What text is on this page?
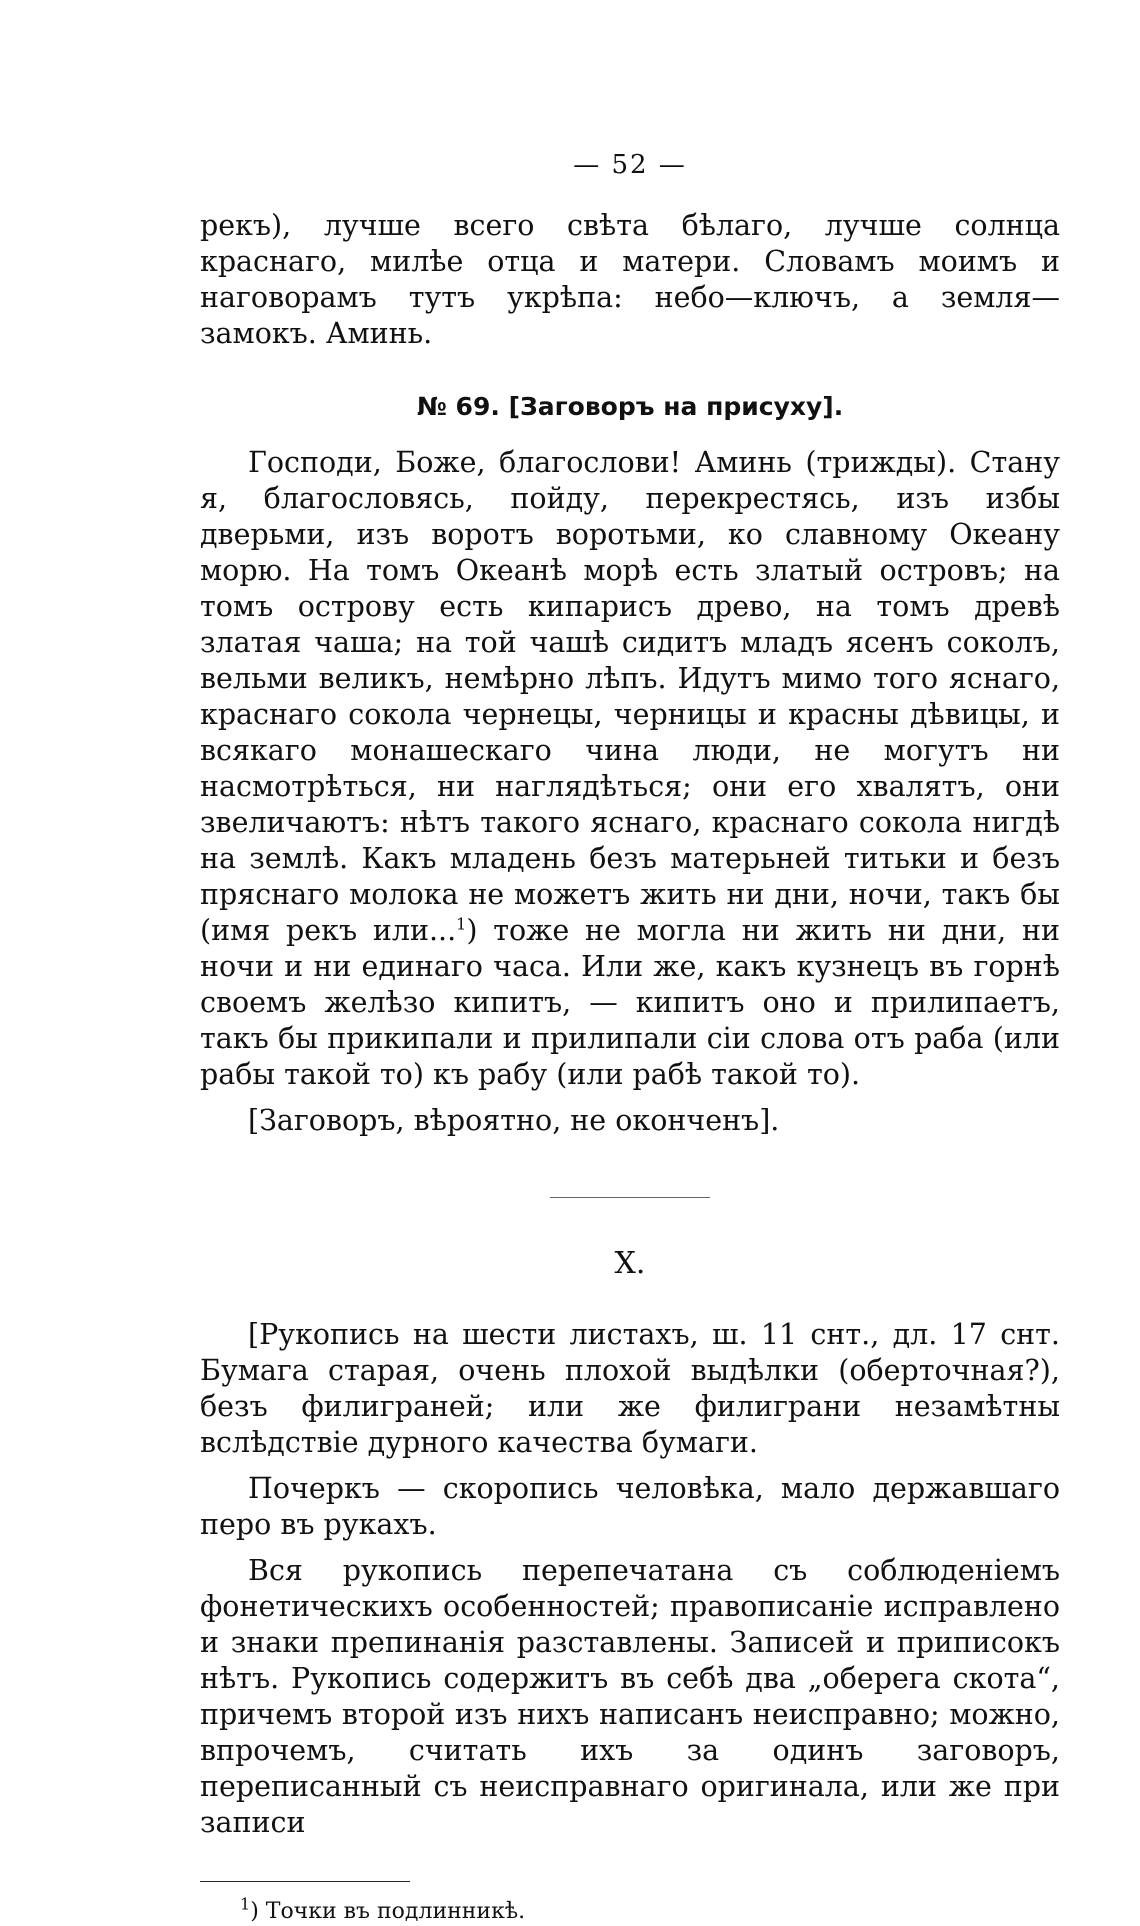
— 52 —

рекъ), лучше всего свѣта бѣлаго, лучше солнца краснаго, милѣе отца и матери. Словамъ моимъ и наговорамъ тутъ укрѣпа: небо—ключъ, а земля—замокъ. Аминь.

№ 69. [Заговоръ на присуху].

Господи, Боже, благослови! Аминь (трижды). Стану я, благословясь, пойду, перекрестясь, изъ избы дверьми, изъ воротъ воротьми, ко славному Океану морю. На томъ Океанѣ морѣ есть златый островъ; на томъ острову есть кипарисъ древо, на томъ древѣ златая чаша; на той чашѣ сидитъ младъ ясенъ соколъ, вельми великъ, немѣрно лѣпъ. Идутъ мимо того яснаго, краснаго сокола чернецы, черницы и красны дѣвицы, и всякаго монашескаго чина люди, не могутъ ни насмотрѣться, ни наглядѣться; они его хвалятъ, они звеличаютъ: нѣтъ такого яснаго, краснаго сокола нигдѣ на землѣ. Какъ младень безъ матерьней титьки и безъ пряснаго молока не можетъ жить ни дни, ночи, такъ бы (имя рекъ или...$^1$) тоже не могла ни жить ни дни, ни ночи и ни единаго часа. Или же, какъ кузнецъ въ горнѣ своемъ желѣзо кипитъ, — кипитъ оно и прилипаетъ, такъ бы прикипали и прилипали сіи слова отъ раба (или рабы такой то) къ рабу (или рабѣ такой то).

[Заговоръ, вѣроятно, не оконченъ].

X.

[Рукопись на шести листахъ, ш. 11 снт., дл. 17 снт. Бумага старая, очень плохой выдѣлки (оберточная?), безъ филиграней; или же филиграни незамѣтны вслѣдствіе дурного качества бумаги.

Почеркъ — скоропись человѣка, мало державшаго перо въ рукахъ.

Вся рукопись перепечатана съ соблюденіемъ фонетическихъ особенностей; правописаніе исправлено и знаки препинанія разставлены. Записей и приписокъ нѣтъ. Рукопись содержитъ въ себѣ два „оберега скота“, причемъ второй изъ нихъ написанъ неисправно; можно, впрочемъ, считать ихъ за одинъ заговоръ, переписанный съ неисправнаго оригинала, или же при записи

$^1$) Точки въ подлинникѣ.
